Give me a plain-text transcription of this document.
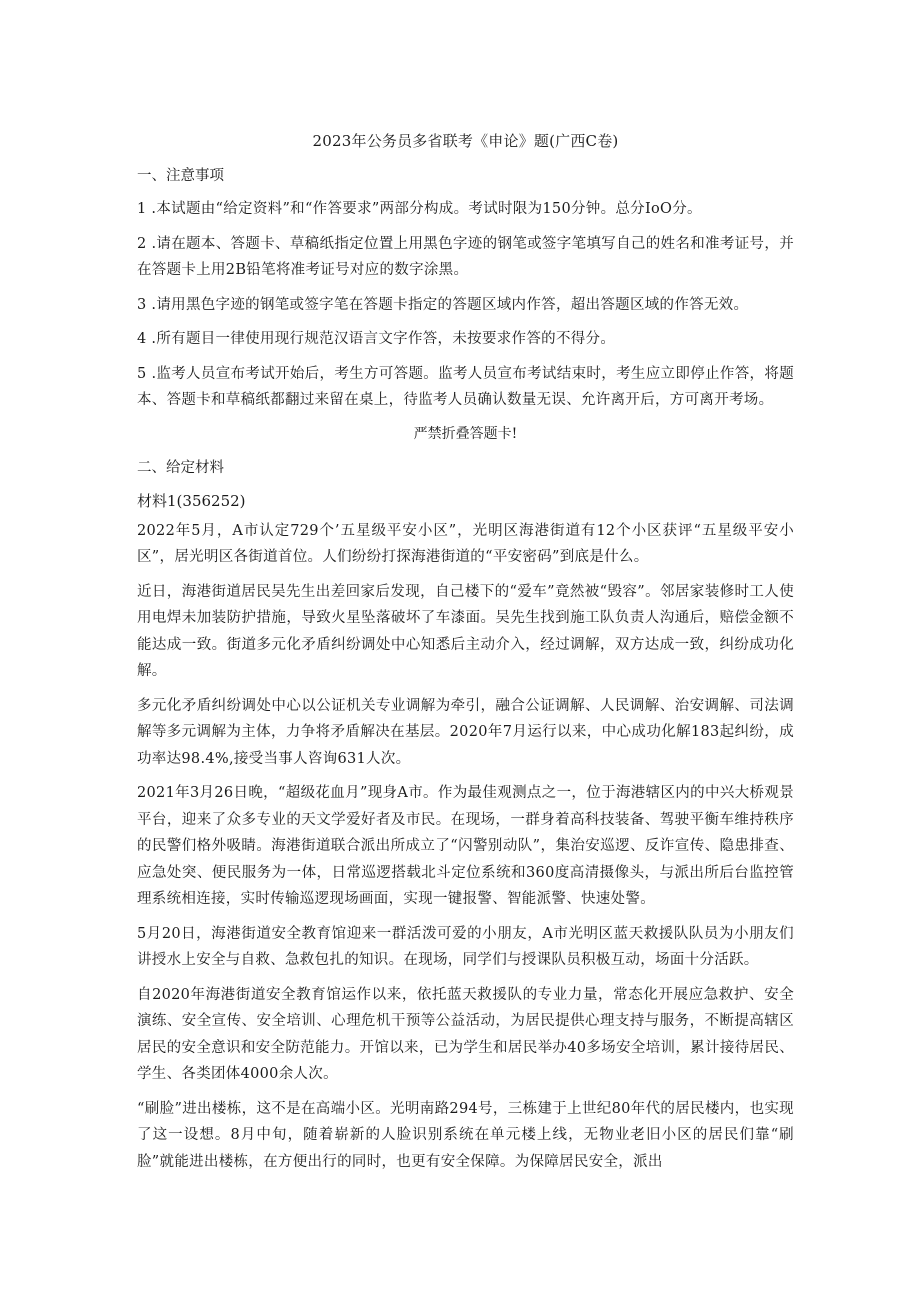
2023年公务员多省联考《申论》题(广西C卷)
一、注意事项
1 .本试题由“给定资料”和“作答要求”两部分构成。考试时限为150分钟。总分IoO分。
2 .请在题本、答题卡、草稿纸指定位置上用黑色字迹的钢笔或签字笔填写自己的姓名和准考证号，并在答题卡上用2B铅笔将准考证号对应的数字涂黑。
3 .请用黑色字迹的钢笔或签字笔在答题卡指定的答题区域内作答，超出答题区域的作答无效。
4 .所有题目一律使用现行规范汉语言文字作答，未按要求作答的不得分。
5 .监考人员宣布考试开始后，考生方可答题。监考人员宣布考试结束时，考生应立即停止作答，将题本、答题卡和草稿纸都翻过来留在桌上，待监考人员确认数量无误、允许离开后，方可离开考场。
严禁折叠答题卡!
二、给定材料
材料1(356252)
2022年5月，A市认定729个’五星级平安小区”，光明区海港街道有12个小区获评“五星级平安小区”，居光明区各街道首位。人们纷纷打探海港街道的“平安密码”到底是什么。
近日，海港街道居民吴先生出差回家后发现，自己楼下的“爱车”竟然被“毁容”。邻居家装修时工人使用电焊未加装防护措施，导致火星坠落破坏了车漆面。吴先生找到施工队负责人沟通后，赔偿金额不能达成一致。街道多元化矛盾纠纷调处中心知悉后主动介入，经过调解，双方达成一致，纠纷成功化解。
多元化矛盾纠纷调处中心以公证机关专业调解为牵引，融合公证调解、人民调解、治安调解、司法调解等多元调解为主体，力争将矛盾解决在基层。2020年7月运行以来，中心成功化解183起纠纷，成功率达98.4%,接受当事人咨询631人次。
2021年3月26日晚，“超级花血月”现身A市。作为最佳观测点之一，位于海港辖区内的中兴大桥观景平台，迎来了众多专业的天文学爱好者及市民。在现场，一群身着高科技装备、驾驶平衡车维持秩序的民警们格外吸睛。海港街道联合派出所成立了“闪警别动队”，集治安巡逻、反诈宣传、隐患排查、应急处突、便民服务为一体，日常巡逻搭载北斗定位系统和360度高清摄像头，与派出所后台监控管理系统相连接，实时传输巡逻现场画面，实现一键报警、智能派警、快速处警。
5月20日，海港街道安全教育馆迎来一群活泼可爱的小朋友，A市光明区蓝天救援队队员为小朋友们讲授水上安全与自救、急救包扎的知识。在现场，同学们与授课队员积极互动，场面十分活跃。
自2020年海港街道安全教育馆运作以来，依托蓝天救援队的专业力量，常态化开展应急救护、安全演练、安全宣传、安全培训、心理危机干预等公益活动，为居民提供心理支持与服务，不断提高辖区居民的安全意识和安全防范能力。开馆以来，已为学生和居民举办40多场安全培训，累计接待居民、学生、各类团体4000余人次。
“刷脸”进出楼栋，这不是在高端小区。光明南路294号，三栋建于上世纪80年代的居民楼内，也实现了这一设想。8月中旬，随着崭新的人脸识别系统在单元楼上线，无物业老旧小区的居民们靠“刷脸”就能进出楼栋，在方便出行的同时，也更有安全保障。为保障居民安全，派出
